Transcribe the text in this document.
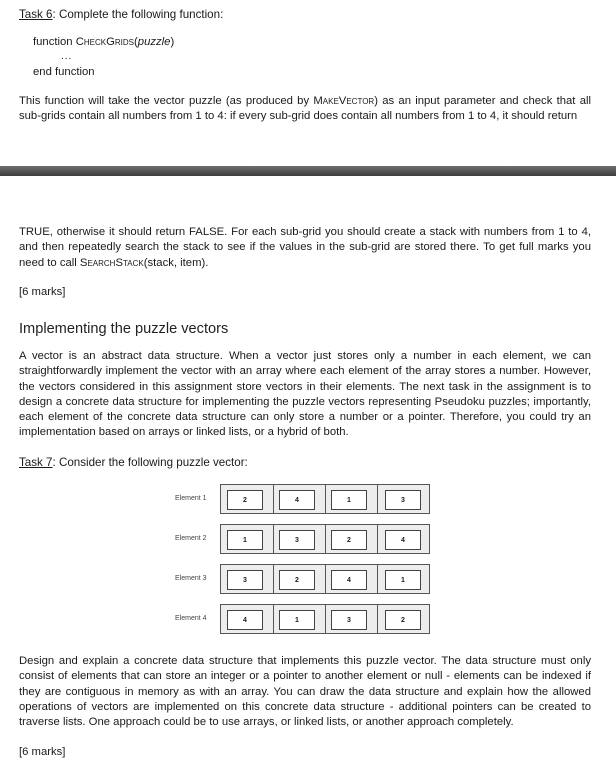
Task 6: Complete the following function:

function CheckGrids(puzzle)

...

end function

This function will take the vector puzzle (as produced by MakeVector) as an input parameter and check that all sub-grids contain all numbers from 1 to 4: if every sub-grid does contain all numbers from 1 to 4, it should return

TRUE, otherwise it should return FALSE. For each sub-grid you should create a stack with numbers from 1 to 4, and then repeatedly search the stack to see if the values in the sub-grid are stored there. To get full marks you need to call SearchStack(stack, item).

[6 marks]

Implementing the puzzle vectors

A vector is an abstract data structure. When a vector just stores only a number in each element, we can straightforwardly implement the vector with an array where each element of the array stores a number. However, the vectors considered in this assignment store vectors in their elements. The next task in the assignment is to design a concrete data structure for implementing the puzzle vectors representing Pseudoku puzzles; importantly, each element of the concrete data structure can only store a number or a pointer. Therefore, you could try an implementation based on arrays or linked lists, or a hybrid of both.

Task 7: Consider the following puzzle vector:

Element 1	2	4	1	3
Element 2	1	3	2	4
Element 3	3	2	4	1
Element 4	4	1	3	2

Design and explain a concrete data structure that implements this puzzle vector. The data structure must only consist of elements that can store an integer or a pointer to another element or null - elements can be indexed if they are contiguous in memory as with an array. You can draw the data structure and explain how the allowed operations of vectors are implemented on this concrete data structure - additional pointers can be created to traverse lists. One approach could be to use arrays, or linked lists, or another approach completely.

[6 marks]
